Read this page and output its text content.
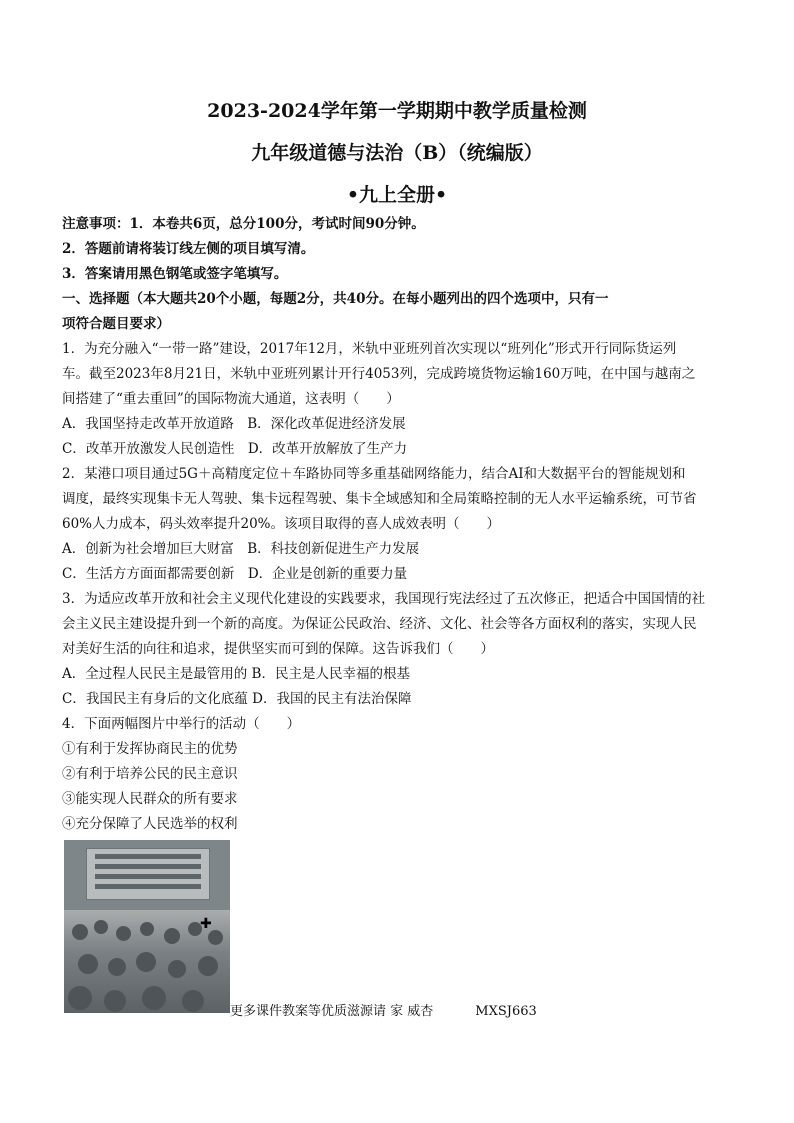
2023-2024学年第一学期期中教学质量检测
九年级道德与法治（B）（统编版）
•九上全册•
注意事项：1．本卷共6页，总分100分，考试时间90分钟。
2．答题前请将装订线左侧的项目填写清。
3．答案请用黑色钢笔或签字笔填写。
一、选择题（本大题共20个小题，每题2分，共40分。在每小题列出的四个选项中，只有一
项符合题目要求）
1．为充分融入“一带一路”建设，2017年12月，米轨中亚班列首次实现以“班列化”形式开行同际货运列
车。截至2023年8月21日，米轨中亚班列累计开行4053列，完成跨境货物运输160万吨，在中国与越南之
间搭建了“重去重回”的国际物流大通道，这表明（　　）
A．我国坚持走改革开放道路　B．深化改革促进经济发展
C．改革开放激发人民创造性　D．改革开放解放了生产力
2．某港口项目通过5G＋高精度定位＋车路协同等多重基础网络能力，结合AI和大数据平台的智能规划和
调度，最终实现集卡无人驾驶、集卡远程驾驶、集卡全域感知和全局策略控制的无人水平运输系统，可节省
60%人力成本，码头效率提升20%。该项目取得的喜人成效表明（　　）
A．创新为社会增加巨大财富　B．科技创新促进生产力发展
C．生活方方面面都需要创新　D．企业是创新的重要力量
3．为适应改革开放和社会主义现代化建设的实践要求，我国现行宪法经过了五次修正，把适合中国国情的社
会主义民主建设提升到一个新的高度。为保证公民政治、经济、文化、社会等各方面权利的落实，实现人民
对美好生活的向往和追求，提供坚实而可到的保障。这告诉我们（　　）
A．全过程人民民主是最管用的 B．民主是人民幸福的根基
C．我国民主有身后的文化底蕴 D．我国的民主有法治保障
4．下面两幅图片中举行的活动（　　）
①有利于发挥协商民主的优势
②有利于培养公民的民主意识
③能实现人民群众的所有要求
④充分保障了人民选举的权利
✚
更多课件教案等优质滋源请 家 威杏	MXSJ663
